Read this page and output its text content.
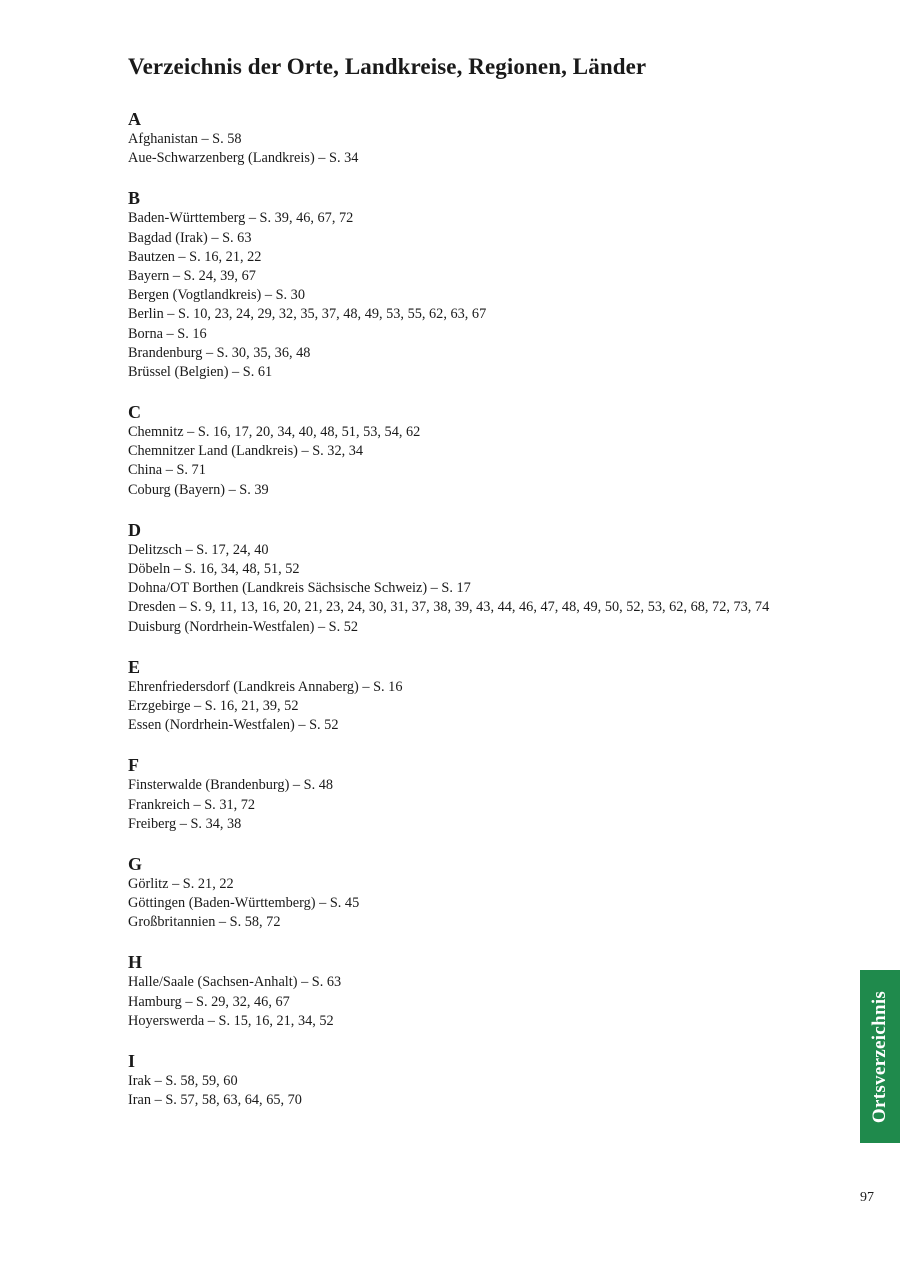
Verzeichnis der Orte, Landkreise, Regionen, Länder
A
Afghanistan – S. 58
Aue-Schwarzenberg (Landkreis) – S. 34
B
Baden-Württemberg – S. 39, 46, 67, 72
Bagdad (Irak) – S. 63
Bautzen – S. 16, 21, 22
Bayern – S. 24, 39, 67
Bergen (Vogtlandkreis) – S. 30
Berlin – S. 10, 23, 24, 29, 32, 35, 37, 48, 49, 53, 55, 62, 63, 67
Borna – S. 16
Brandenburg – S. 30, 35, 36, 48
Brüssel (Belgien) – S. 61
C
Chemnitz – S. 16, 17, 20, 34, 40, 48, 51, 53, 54, 62
Chemnitzer Land (Landkreis) – S. 32, 34
China – S. 71
Coburg (Bayern) – S. 39
D
Delitzsch – S. 17, 24, 40
Döbeln – S. 16, 34, 48, 51, 52
Dohna/OT Borthen (Landkreis Sächsische Schweiz) – S. 17
Dresden – S. 9, 11, 13, 16, 20, 21, 23, 24, 30, 31, 37, 38, 39, 43, 44, 46, 47, 48, 49, 50, 52, 53, 62, 68, 72, 73, 74
Duisburg (Nordrhein-Westfalen) – S. 52
E
Ehrenfriedersdorf (Landkreis Annaberg) – S. 16
Erzgebirge – S. 16, 21, 39, 52
Essen (Nordrhein-Westfalen) – S. 52
F
Finsterwalde (Brandenburg) – S. 48
Frankreich – S. 31, 72
Freiberg – S. 34, 38
G
Görlitz – S. 21, 22
Göttingen (Baden-Württemberg) – S. 45
Großbritannien – S. 58, 72
H
Halle/Saale (Sachsen-Anhalt) – S. 63
Hamburg – S. 29, 32, 46, 67
Hoyerswerda – S. 15, 16, 21, 34, 52
I
Irak – S. 58, 59, 60
Iran – S. 57, 58, 63, 64, 65, 70	Ortsverzeichnis
97
